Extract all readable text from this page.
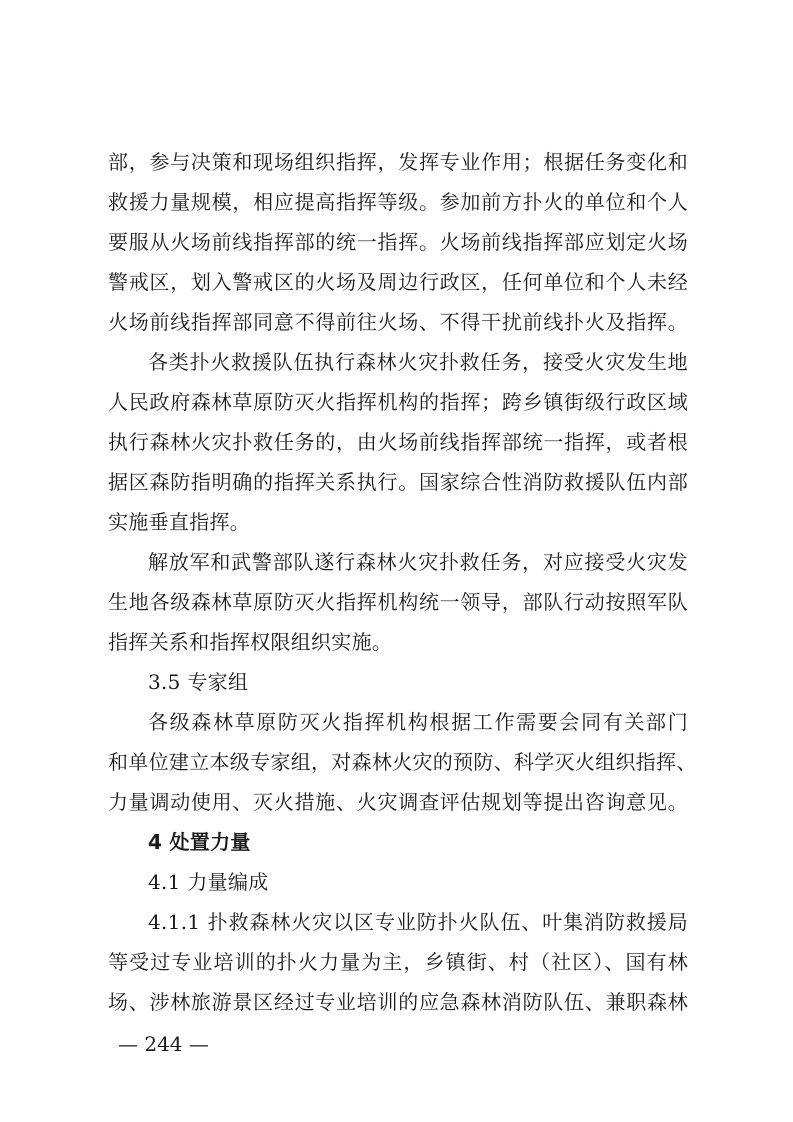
部，参与决策和现场组织指挥，发挥专业作用；根据任务变化和
救援力量规模，相应提高指挥等级。参加前方扑火的单位和个人
要服从火场前线指挥部的统一指挥。火场前线指挥部应划定火场
警戒区，划入警戒区的火场及周边行政区，任何单位和个人未经
火场前线指挥部同意不得前往火场、不得干扰前线扑火及指挥。
各类扑火救援队伍执行森林火灾扑救任务，接受火灾发生地
人民政府森林草原防灭火指挥机构的指挥；跨乡镇街级行政区域
执行森林火灾扑救任务的，由火场前线指挥部统一指挥，或者根
据区森防指明确的指挥关系执行。国家综合性消防救援队伍内部
实施垂直指挥。
解放军和武警部队遂行森林火灾扑救任务，对应接受火灾发
生地各级森林草原防灭火指挥机构统一领导，部队行动按照军队
指挥关系和指挥权限组织实施。
3.5 专家组
各级森林草原防灭火指挥机构根据工作需要会同有关部门
和单位建立本级专家组，对森林火灾的预防、科学灭火组织指挥、
力量调动使用、灭火措施、火灾调查评估规划等提出咨询意见。
4 处置力量
4.1 力量编成
4.1.1 扑救森林火灾以区专业防扑火队伍、叶集消防救援局
等受过专业培训的扑火力量为主，乡镇街、村（社区）、国有林
场、涉林旅游景区经过专业培训的应急森林消防队伍、兼职森林
— 244 —
